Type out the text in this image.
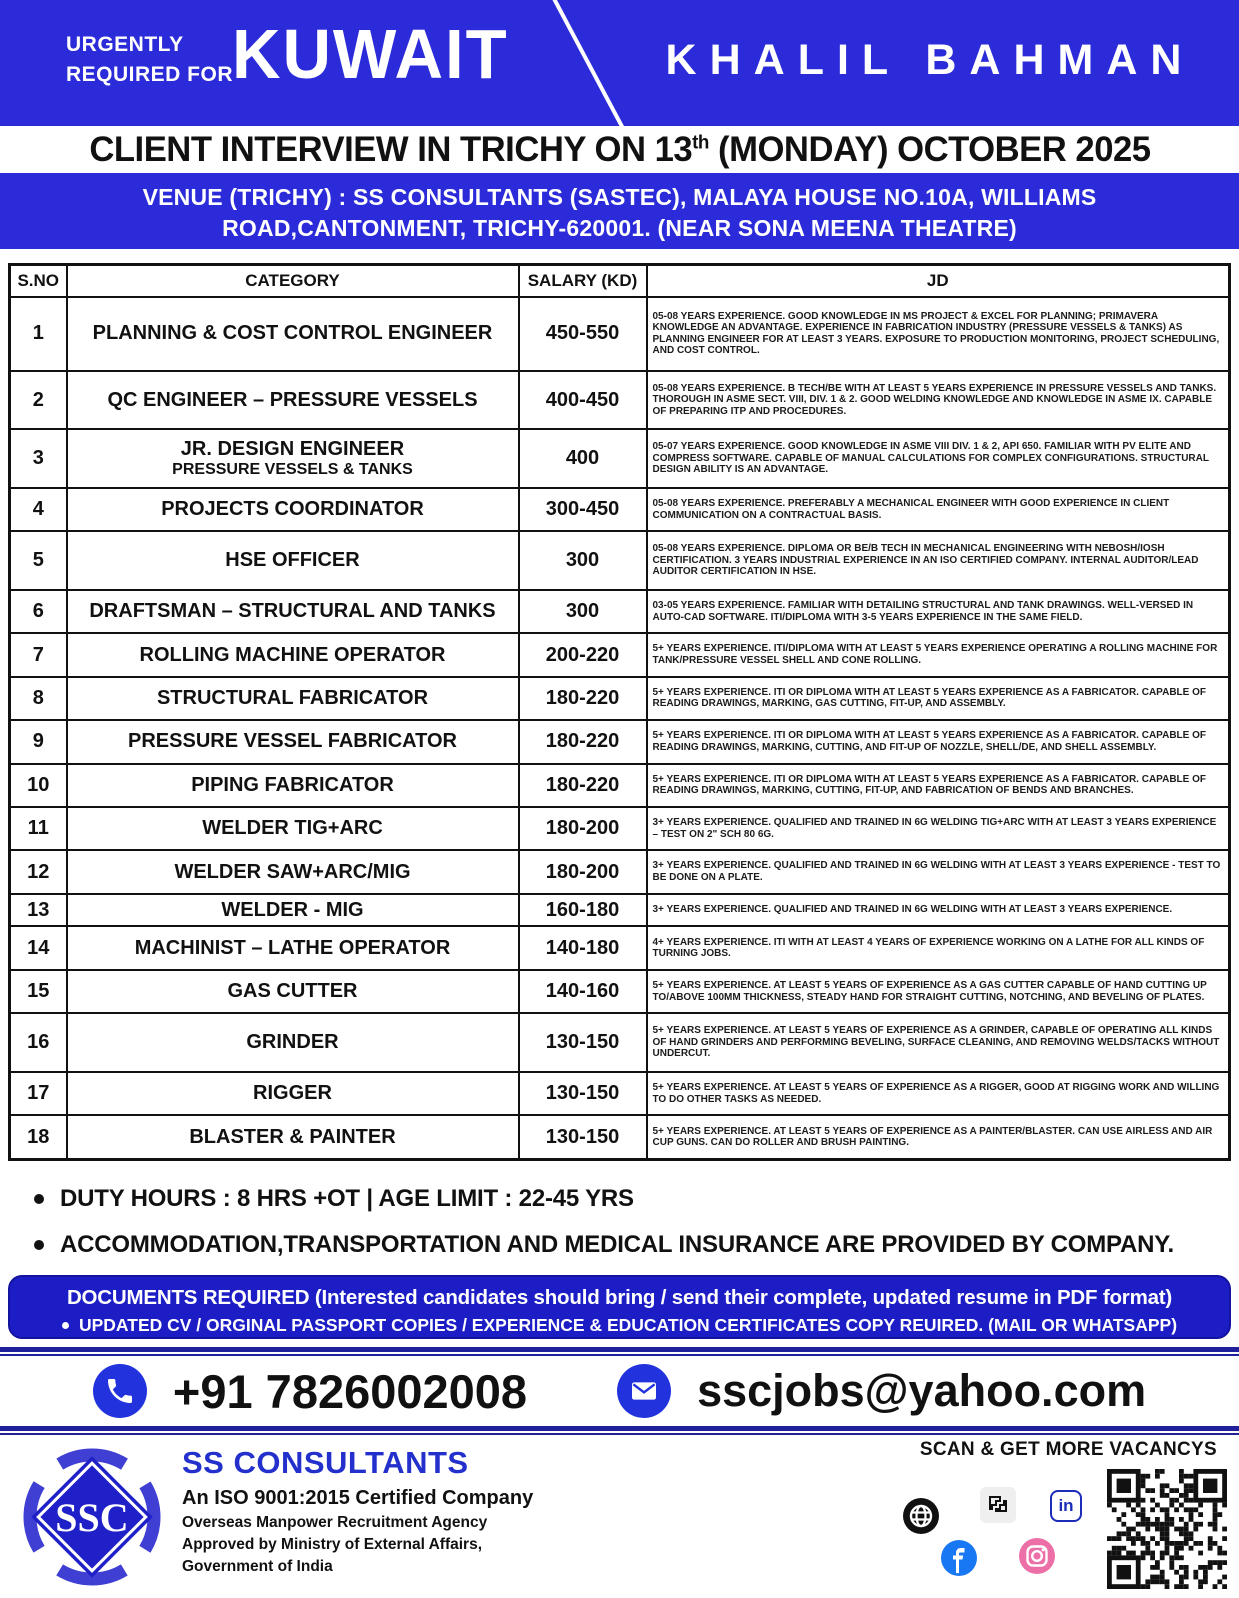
URGENTLY
REQUIRED FOR
KUWAIT	KHALIL BAHMAN
CLIENT INTERVIEW IN TRICHY ON 13th (MONDAY) OCTOBER 2025
VENUE (TRICHY) : SS CONSULTANTS (SASTEC), MALAYA HOUSE NO.10A, WILLIAMS
ROAD,CANTONMENT, TRICHY-620001. (NEAR SONA MEENA THEATRE)
S.NO	CATEGORY	SALARY (KD)	JD
1	PLANNING & COST CONTROL ENGINEER	450-550	05-08 YEARS EXPERIENCE. GOOD KNOWLEDGE IN MS PROJECT & EXCEL FOR PLANNING; PRIMAVERA KNOWLEDGE AN ADVANTAGE. EXPERIENCE IN FABRICATION INDUSTRY (PRESSURE VESSELS & TANKS) AS PLANNING ENGINEER FOR AT LEAST 3 YEARS. EXPOSURE TO PRODUCTION MONITORING, PROJECT SCHEDULING, AND COST CONTROL.
2	QC ENGINEER – PRESSURE VESSELS	400-450	05-08 YEARS EXPERIENCE. B TECH/BE WITH AT LEAST 5 YEARS EXPERIENCE IN PRESSURE VESSELS AND TANKS. THOROUGH IN ASME SECT. VIII, DIV. 1 & 2. GOOD WELDING KNOWLEDGE AND KNOWLEDGE IN ASME IX. CAPABLE OF PREPARING ITP AND PROCEDURES.
3	JR. DESIGN ENGINEER
PRESSURE VESSELS & TANKS	400	05-07 YEARS EXPERIENCE. GOOD KNOWLEDGE IN ASME VIII DIV. 1 & 2, API 650. FAMILIAR WITH PV ELITE AND COMPRESS SOFTWARE. CAPABLE OF MANUAL CALCULATIONS FOR COMPLEX CONFIGURATIONS. STRUCTURAL DESIGN ABILITY IS AN ADVANTAGE.
4	PROJECTS COORDINATOR	300-450	05-08 YEARS EXPERIENCE. PREFERABLY A MECHANICAL ENGINEER WITH GOOD EXPERIENCE IN CLIENT COMMUNICATION ON A CONTRACTUAL BASIS.
5	HSE OFFICER	300	05-08 YEARS EXPERIENCE. DIPLOMA OR BE/B TECH IN MECHANICAL ENGINEERING WITH NEBOSH/IOSH CERTIFICATION. 3 YEARS INDUSTRIAL EXPERIENCE IN AN ISO CERTIFIED COMPANY. INTERNAL AUDITOR/LEAD AUDITOR CERTIFICATION IN HSE.
6	DRAFTSMAN – STRUCTURAL AND TANKS	300	03-05 YEARS EXPERIENCE. FAMILIAR WITH DETAILING STRUCTURAL AND TANK DRAWINGS. WELL-VERSED IN AUTO-CAD SOFTWARE. ITI/DIPLOMA WITH 3-5 YEARS EXPERIENCE IN THE SAME FIELD.
7	ROLLING MACHINE OPERATOR	200-220	5+ YEARS EXPERIENCE. ITI/DIPLOMA WITH AT LEAST 5 YEARS EXPERIENCE OPERATING A ROLLING MACHINE FOR TANK/PRESSURE VESSEL SHELL AND CONE ROLLING.
8	STRUCTURAL FABRICATOR	180-220	5+ YEARS EXPERIENCE. ITI OR DIPLOMA WITH AT LEAST 5 YEARS EXPERIENCE AS A FABRICATOR. CAPABLE OF READING DRAWINGS, MARKING, GAS CUTTING, FIT-UP, AND ASSEMBLY.
9	PRESSURE VESSEL FABRICATOR	180-220	5+ YEARS EXPERIENCE. ITI OR DIPLOMA WITH AT LEAST 5 YEARS EXPERIENCE AS A FABRICATOR. CAPABLE OF READING DRAWINGS, MARKING, CUTTING, AND FIT-UP OF NOZZLE, SHELL/DE, AND SHELL ASSEMBLY.
10	PIPING FABRICATOR	180-220	5+ YEARS EXPERIENCE. ITI OR DIPLOMA WITH AT LEAST 5 YEARS EXPERIENCE AS A FABRICATOR. CAPABLE OF READING DRAWINGS, MARKING, CUTTING, FIT-UP, AND FABRICATION OF BENDS AND BRANCHES.
11	WELDER TIG+ARC	180-200	3+ YEARS EXPERIENCE. QUALIFIED AND TRAINED IN 6G WELDING TIG+ARC WITH AT LEAST 3 YEARS EXPERIENCE – TEST ON 2" SCH 80 6G.
12	WELDER SAW+ARC/MIG	180-200	3+ YEARS EXPERIENCE. QUALIFIED AND TRAINED IN 6G WELDING WITH AT LEAST 3 YEARS EXPERIENCE - TEST TO BE DONE ON A PLATE.
13	WELDER - MIG	160-180	3+ YEARS EXPERIENCE. QUALIFIED AND TRAINED IN 6G WELDING WITH AT LEAST 3 YEARS EXPERIENCE.
14	MACHINIST – LATHE OPERATOR	140-180	4+ YEARS EXPERIENCE. ITI WITH AT LEAST 4 YEARS OF EXPERIENCE WORKING ON A LATHE FOR ALL KINDS OF TURNING JOBS.
15	GAS CUTTER	140-160	5+ YEARS EXPERIENCE. AT LEAST 5 YEARS OF EXPERIENCE AS A GAS CUTTER CAPABLE OF HAND CUTTING UP TO/ABOVE 100MM THICKNESS, STEADY HAND FOR STRAIGHT CUTTING, NOTCHING, AND BEVELING OF PLATES.
16	GRINDER	130-150	5+ YEARS EXPERIENCE. AT LEAST 5 YEARS OF EXPERIENCE AS A GRINDER, CAPABLE OF OPERATING ALL KINDS OF HAND GRINDERS AND PERFORMING BEVELING, SURFACE CLEANING, AND REMOVING WELDS/TACKS WITHOUT UNDERCUT.
17	RIGGER	130-150	5+ YEARS EXPERIENCE. AT LEAST 5 YEARS OF EXPERIENCE AS A RIGGER, GOOD AT RIGGING WORK AND WILLING TO DO OTHER TASKS AS NEEDED.
18	BLASTER & PAINTER	130-150	5+ YEARS EXPERIENCE. AT LEAST 5 YEARS OF EXPERIENCE AS A PAINTER/BLASTER. CAN USE AIRLESS AND AIR CUP GUNS. CAN DO ROLLER AND BRUSH PAINTING.
DUTY HOURS : 8 HRS +OT | AGE LIMIT : 22-45 YRS
ACCOMMODATION,TRANSPORTATION AND MEDICAL INSURANCE ARE PROVIDED BY COMPANY.
DOCUMENTS REQUIRED (Interested candidates should bring / send their complete, updated resume in PDF format)
UPDATED CV / ORGINAL PASSPORT COPIES / EXPERIENCE & EDUCATION CERTIFICATES COPY REUIRED. (MAIL OR WHATSAPP)
+91 7826002008	sscjobs@yahoo.com
SSC
SS CONSULTANTS
An ISO 9001:2015 Certified Company
Overseas Manpower Recruitment Agency
Approved by Ministry of External Affairs,
Government of India
SCAN & GET MORE VACANCYS
in
